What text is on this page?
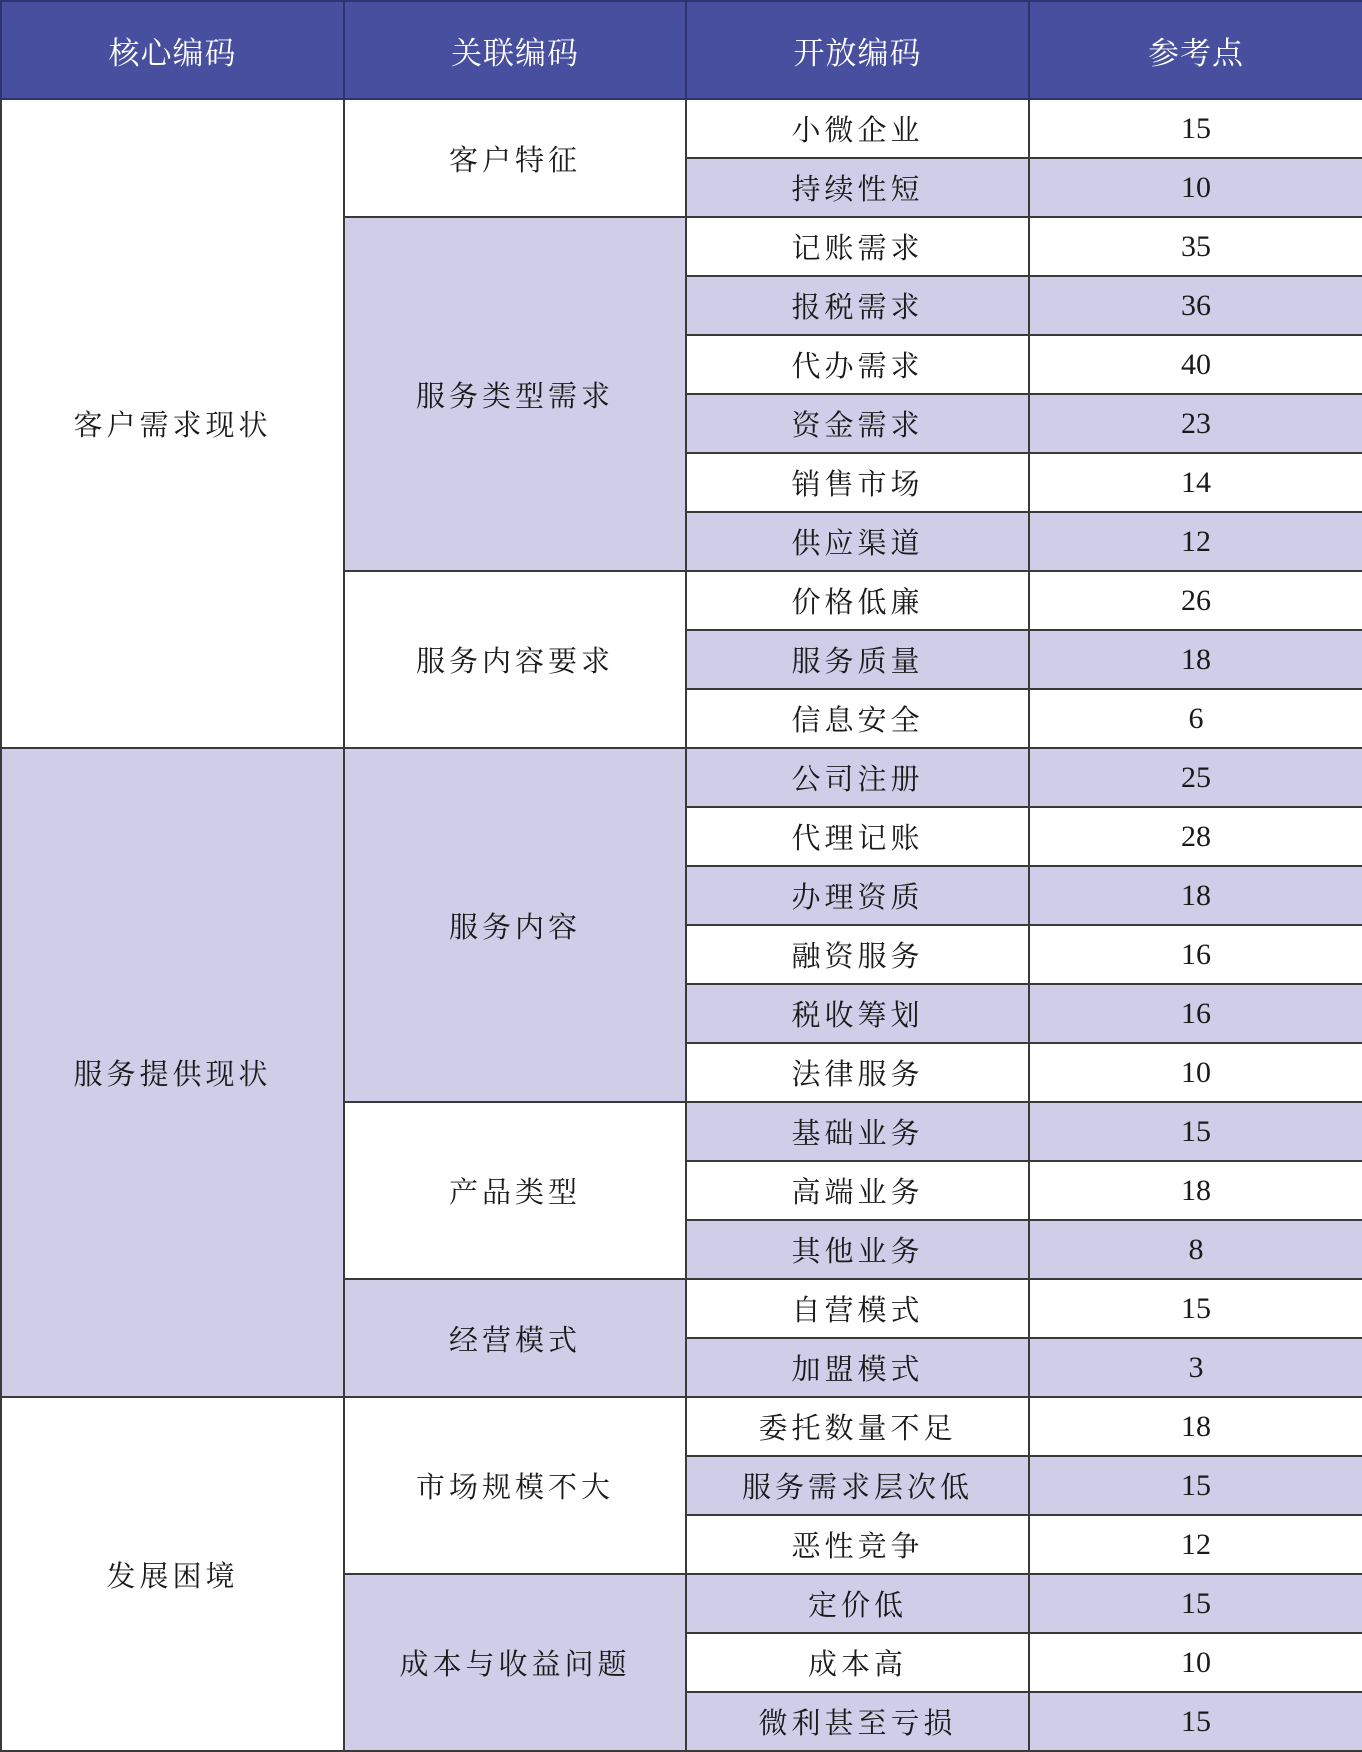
核心编码	关联编码	开放编码	参考点
客户需求现状	客户特征	小微企业	15
		持续性短	10
	服务类型需求	记账需求	35
		报税需求	36
		代办需求	40
		资金需求	23
		销售市场	14
		供应渠道	12
	服务内容要求	价格低廉	26
		服务质量	18
		信息安全	6
服务提供现状	服务内容	公司注册	25
		代理记账	28
		办理资质	18
		融资服务	16
		税收筹划	16
		法律服务	10
	产品类型	基础业务	15
		高端业务	18
		其他业务	8
	经营模式	自营模式	15
		加盟模式	3
发展困境	市场规模不大	委托数量不足	18
		服务需求层次低	15
		恶性竞争	12
	成本与收益问题	定价低	15
		成本高	10
		微利甚至亏损	15
